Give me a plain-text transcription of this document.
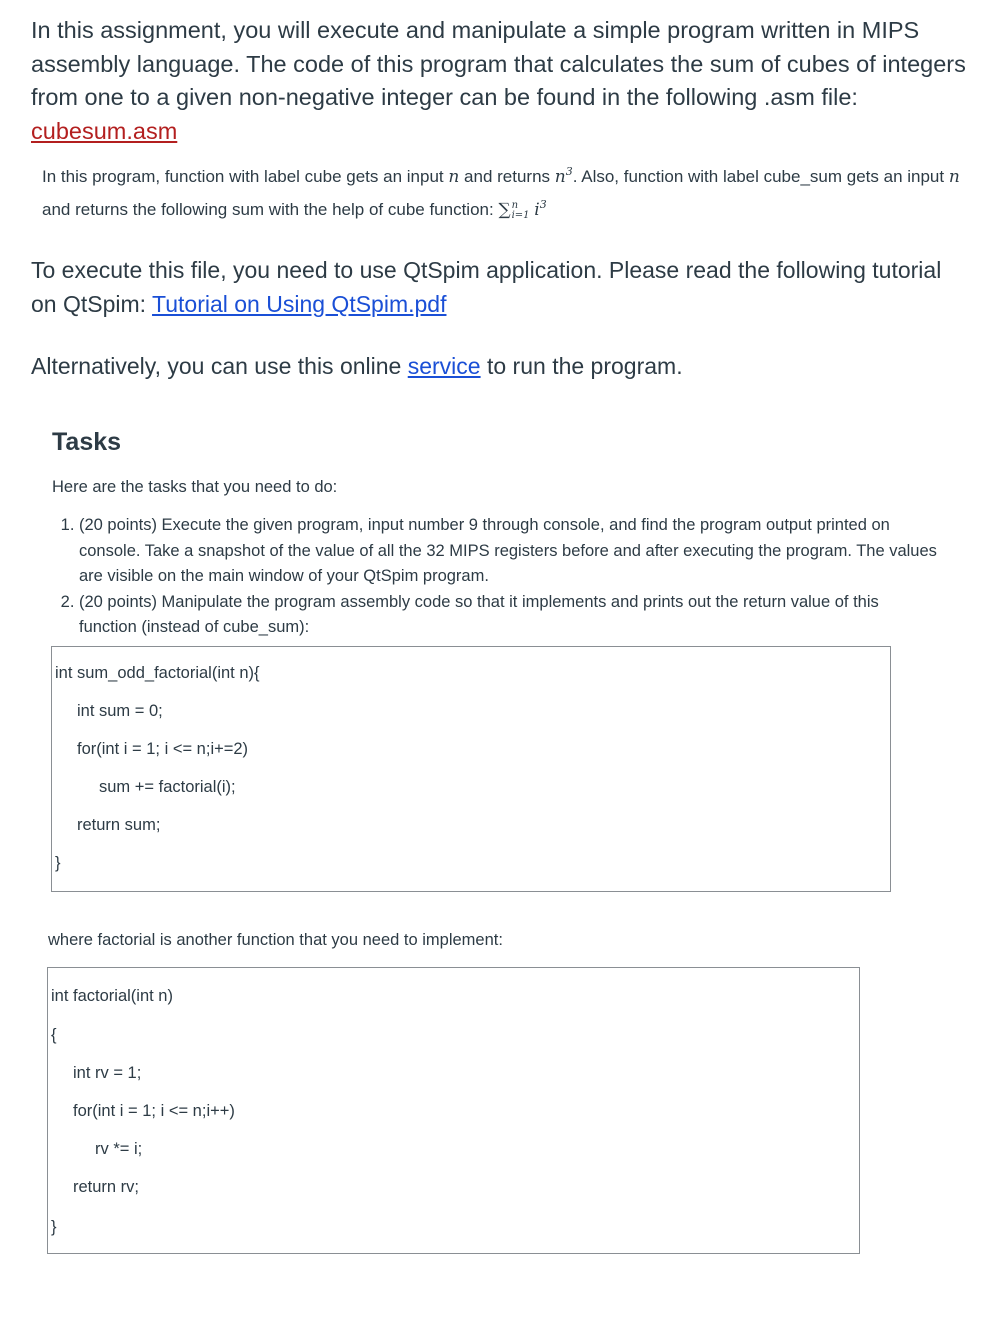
In this assignment, you will execute and manipulate a simple program written in MIPS assembly language. The code of this program that calculates the sum of cubes of integers from one to a given non-negative integer can be found in the following .asm file:
cubesum.asm

In this program, function with label cube gets an input n and returns $n^3$. Also, function with label cube_sum gets an input n and returns the following sum with the help of cube function: ∑ n
i=1 $i^3$
To execute this file, you need to use QtSpim application. Please read the following tutorial on QtSpim: Tutorial on Using QtSpim.pdf
Alternatively, you can use this online service to run the program.
Tasks
Here are the tasks that you need to do:
1. (20 points) Execute the given program, input number 9 through console, and find the program output printed on console. Take a snapshot of the value of all the 32 MIPS registers before and after executing the program. The values are visible on the main window of your QtSpim program.
2. (20 points) Manipulate the program assembly code so that it implements and prints out the return value of this function (instead of cube_sum):
int sum_odd_factorial(int n){
int sum = 0;
for(int i = 1; i <= n;i+=2)
sum += factorial(i);
return sum;
}
where factorial is another function that you need to implement:
int factorial(int n)
{
int rv = 1;
for(int i = 1; i <= n;i++)
rv *= i;
return rv;
}
